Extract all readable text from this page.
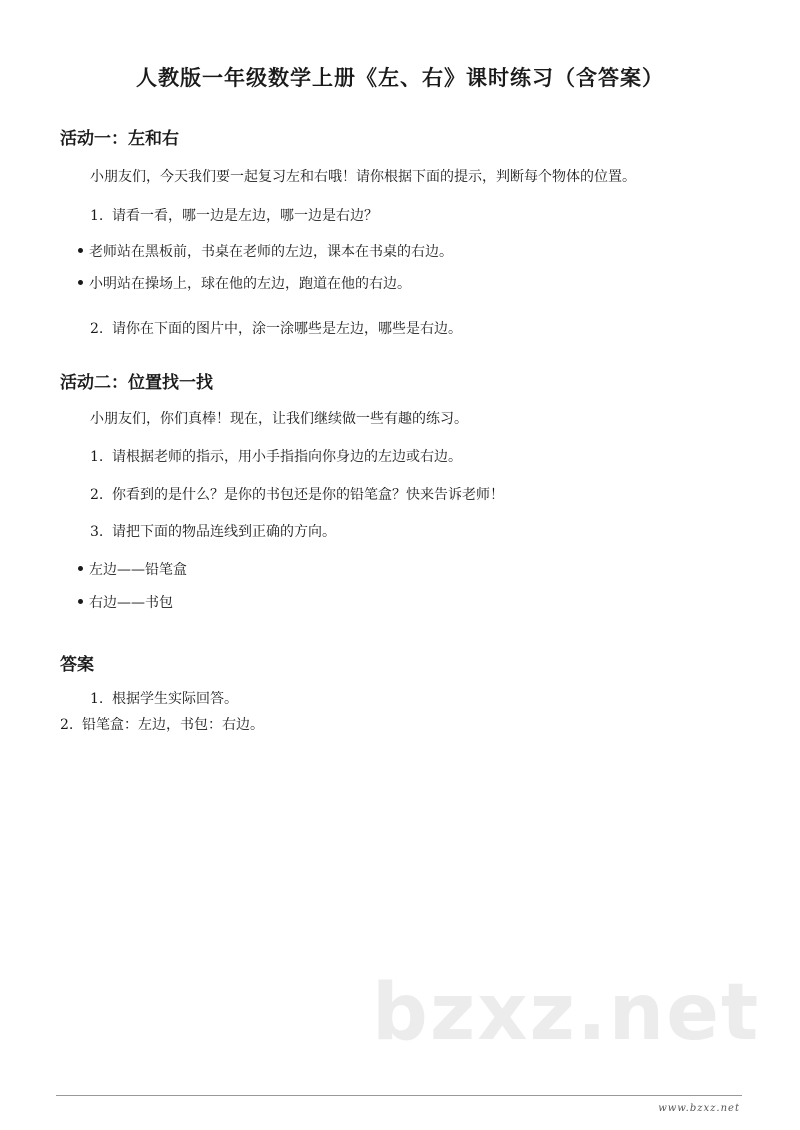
人教版一年级数学上册《左、右》课时练习（含答案）
活动一：左和右
小朋友们，今天我们要一起复习左和右哦！请你根据下面的提示，判断每个物体的位置。
1. 请看一看，哪一边是左边，哪一边是右边？
老师站在黑板前，书桌在老师的左边，课本在书桌的右边。
小明站在操场上，球在他的左边，跑道在他的右边。
2. 请你在下面的图片中，涂一涂哪些是左边，哪些是右边。
活动二：位置找一找
小朋友们，你们真棒！现在，让我们继续做一些有趣的练习。
1. 请根据老师的指示，用小手指指向你身边的左边或右边。
2. 你看到的是什么？是你的书包还是你的铅笔盒？快来告诉老师！
3. 请把下面的物品连线到正确的方向。
左边——铅笔盒
右边——书包
答案
1. 根据学生实际回答。
2. 铅笔盒：左边，书包：右边。
bzxz.net
www.bzxz.net
